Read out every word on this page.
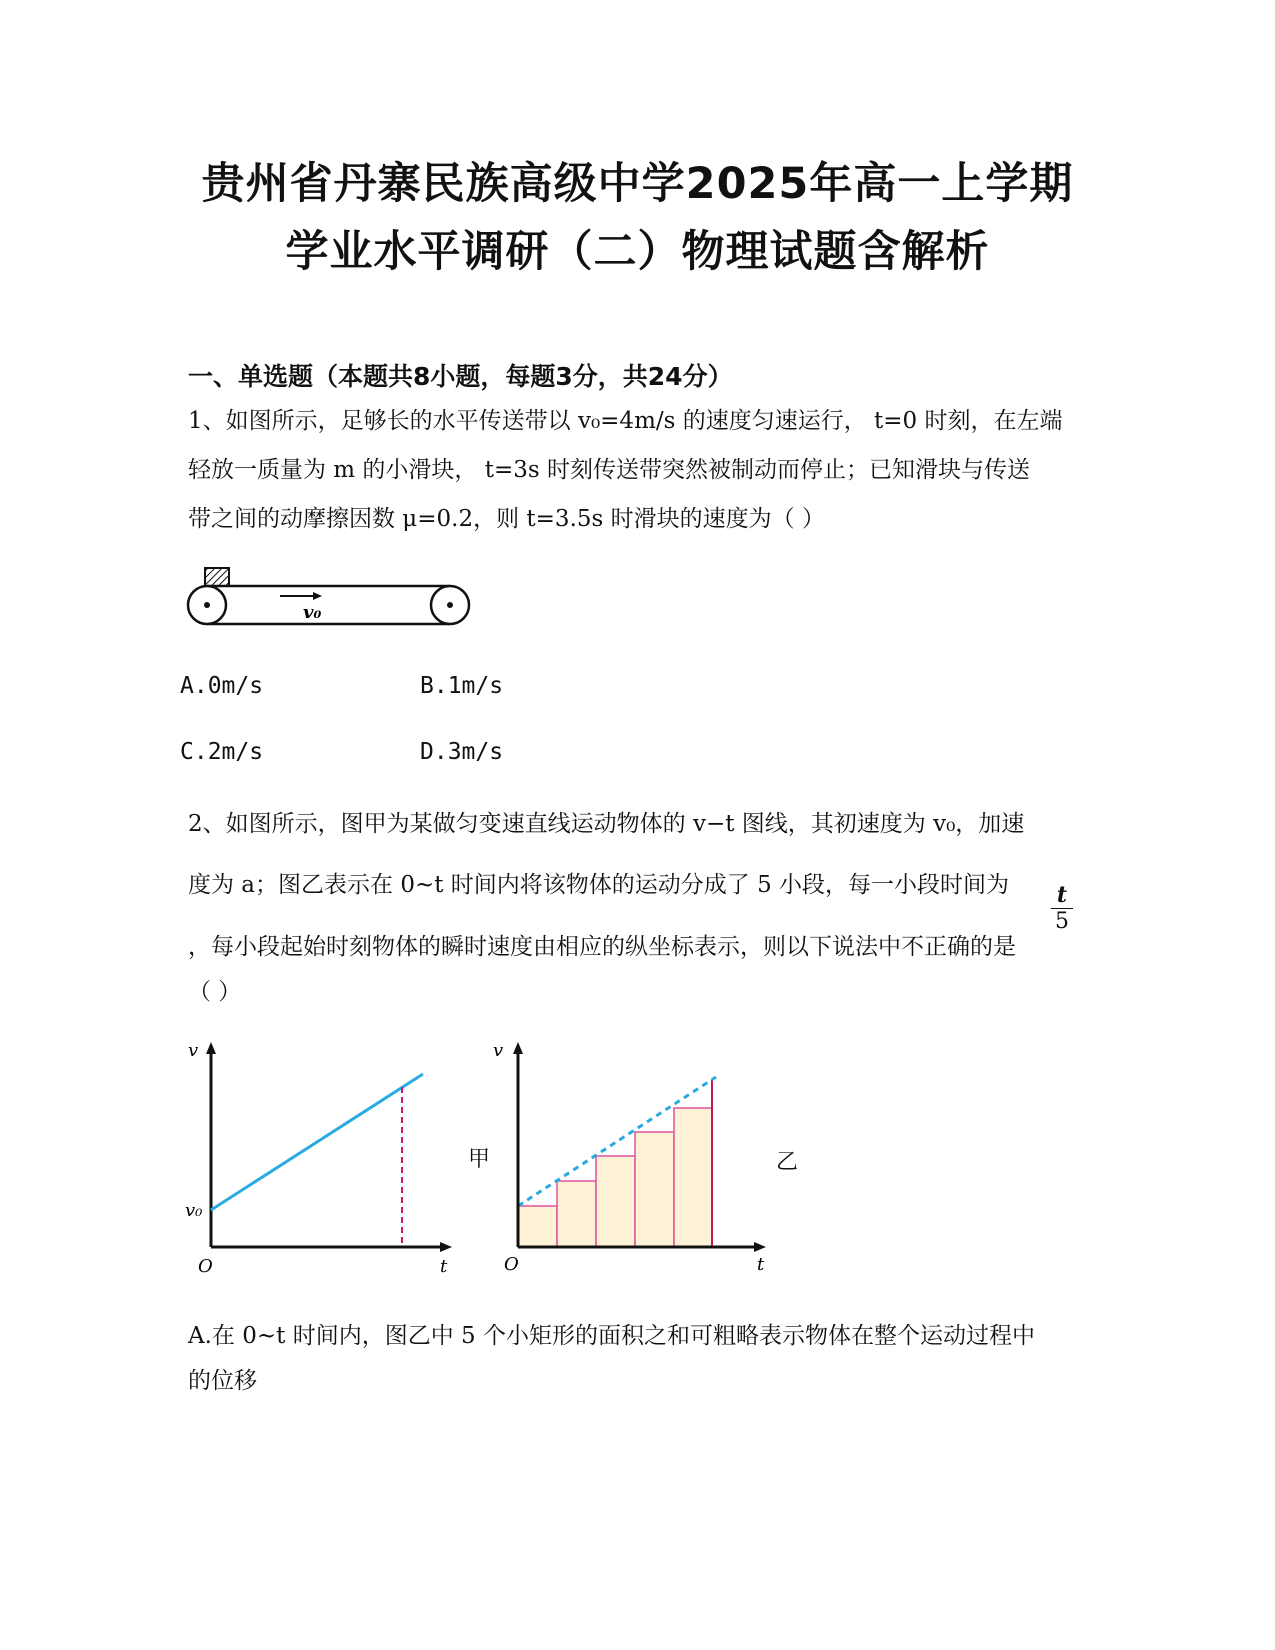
贵州省丹寨民族高级中学2025年高一上学期
学业水平调研（二）物理试题含解析
一、单选题（本题共8小题，每题3分，共24分）
1、如图所示，足够长的水平传送带以 v₀=4m/s 的速度匀速运行， t=0 时刻，在左端
轻放一质量为 m 的小滑块， t=3s 时刻传送带突然被制动而停止；已知滑块与传送
带之间的动摩擦因数 μ=0.2，则 t=3.5s 时滑块的速度为（ ）
v₀
A.0m/s	B.1m/s
C.2m/s	D.3m/s
2、如图所示，图甲为某做匀变速直线运动物体的 v−t 图线，其初速度为 v₀，加速
度为 a；图乙表示在 0~t 时间内将该物体的运动分成了 5 小段，每一小段时间为 $\frac{t}{5}$
，每小段起始时刻物体的瞬时速度由相应的纵坐标表示，则以下说法中不正确的是
（ ）
v
v₀
O	t
甲
v
O	t
乙
A.在 0~t 时间内，图乙中 5 个小矩形的面积之和可粗略表示物体在整个运动过程中
的位移
